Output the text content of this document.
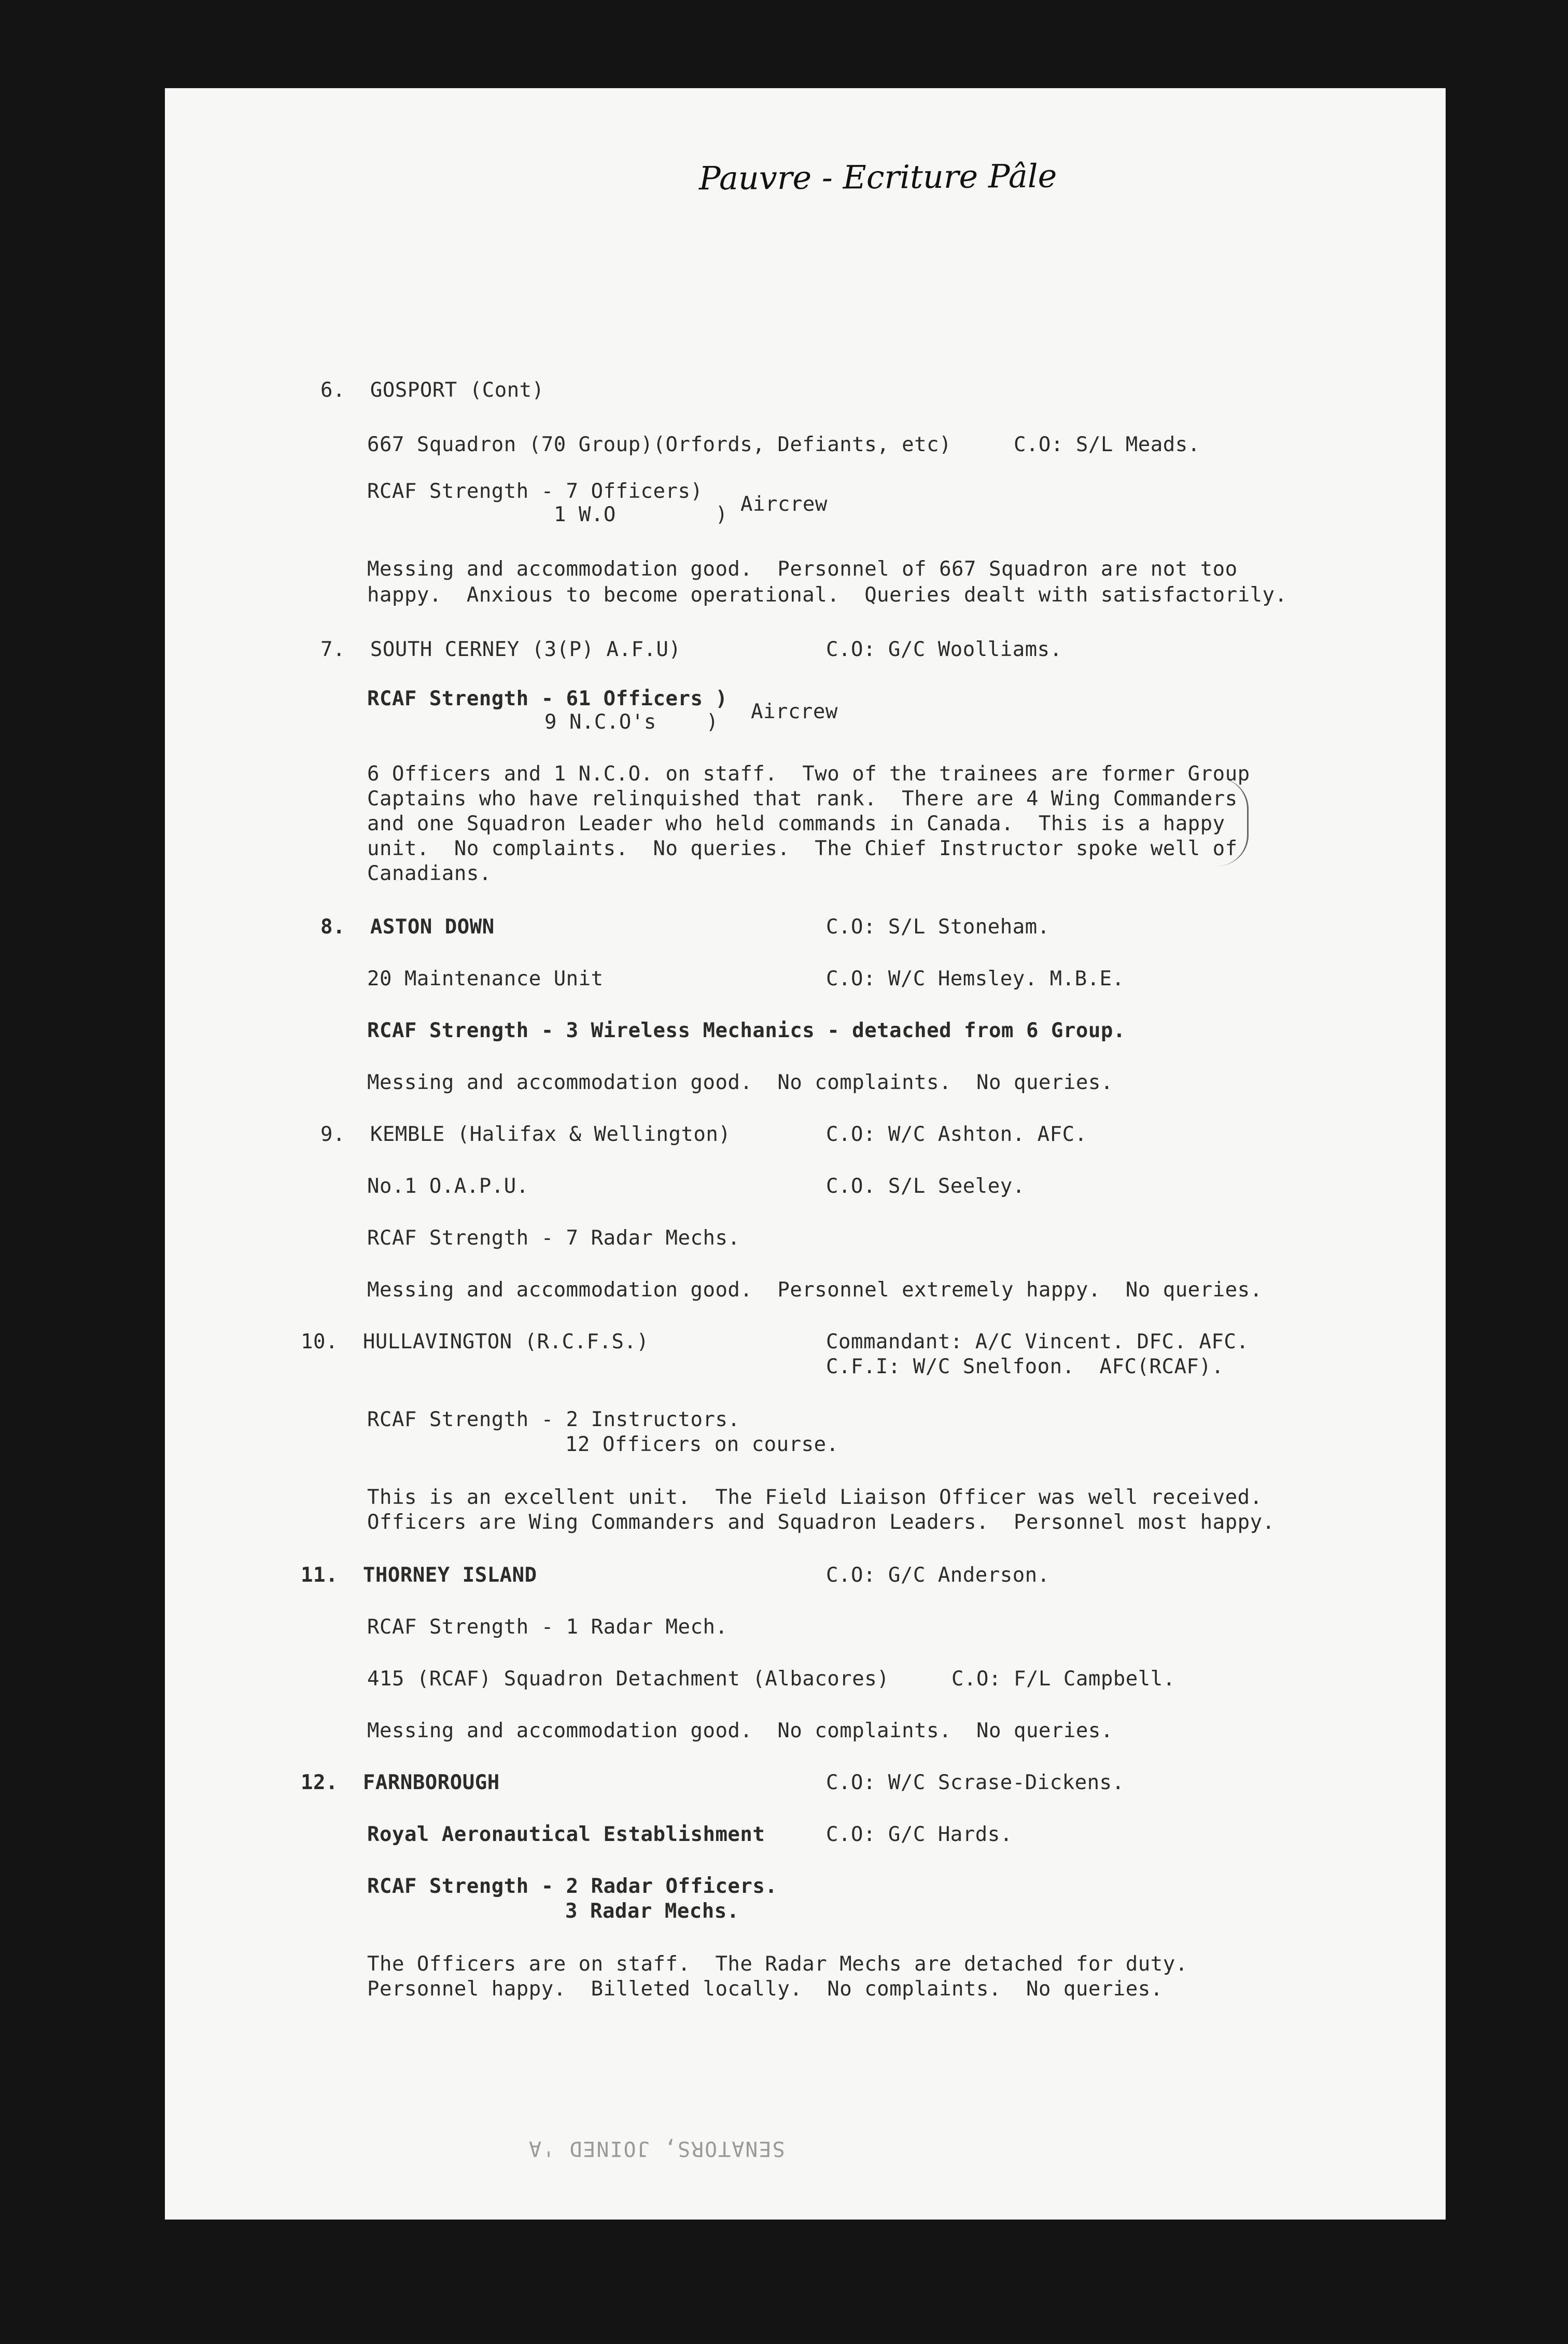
Pauvre - Ecriture Pâle
6.  GOSPORT (Cont)
667 Squadron (70 Group)(Orfords, Defiants, etc)     C.O: S/L Meads.
RCAF Strength - 7 Officers)
Aircrew
1 W.O        )
Messing and accommodation good.  Personnel of 667 Squadron are not too
happy.  Anxious to become operational.  Queries dealt with satisfactorily.
7.  SOUTH CERNEY (3(P) A.F.U)	C.O: G/C Woolliams.
RCAF Strength - 61 Officers )
Aircrew
9 N.C.O's    )
6 Officers and 1 N.C.O. on staff.  Two of the trainees are former Group
Captains who have relinquished that rank.  There are 4 Wing Commanders
and one Squadron Leader who held commands in Canada.  This is a happy
unit.  No complaints.  No queries.  The Chief Instructor spoke well of
Canadians.
8.  ASTON DOWN	C.O: S/L Stoneham.
20 Maintenance Unit	C.O: W/C Hemsley. M.B.E.
RCAF Strength - 3 Wireless Mechanics - detached from 6 Group.
Messing and accommodation good.  No complaints.  No queries.
9.  KEMBLE (Halifax & Wellington)	C.O: W/C Ashton. AFC.
No.1 O.A.P.U.	C.O. S/L Seeley.
RCAF Strength - 7 Radar Mechs.
Messing and accommodation good.  Personnel extremely happy.  No queries.
10.  HULLAVINGTON (R.C.F.S.)	Commandant: A/C Vincent. DFC. AFC.
C.F.I: W/C Snelfoon.  AFC(RCAF).
RCAF Strength - 2 Instructors.
12 Officers on course.
This is an excellent unit.  The Field Liaison Officer was well received.
Officers are Wing Commanders and Squadron Leaders.  Personnel most happy.
11.  THORNEY ISLAND	C.O: G/C Anderson.
RCAF Strength - 1 Radar Mech.
415 (RCAF) Squadron Detachment (Albacores)     C.O: F/L Campbell.
Messing and accommodation good.  No complaints.  No queries.
12.  FARNBOROUGH	C.O: W/C Scrase-Dickens.
Royal Aeronautical Establishment	C.O: G/C Hards.
RCAF Strength - 2 Radar Officers.
3 Radar Mechs.
The Officers are on staff.  The Radar Mechs are detached for duty.
Personnel happy.  Billeted locally.  No complaints.  No queries.
SENATORS, JOINED 'A
